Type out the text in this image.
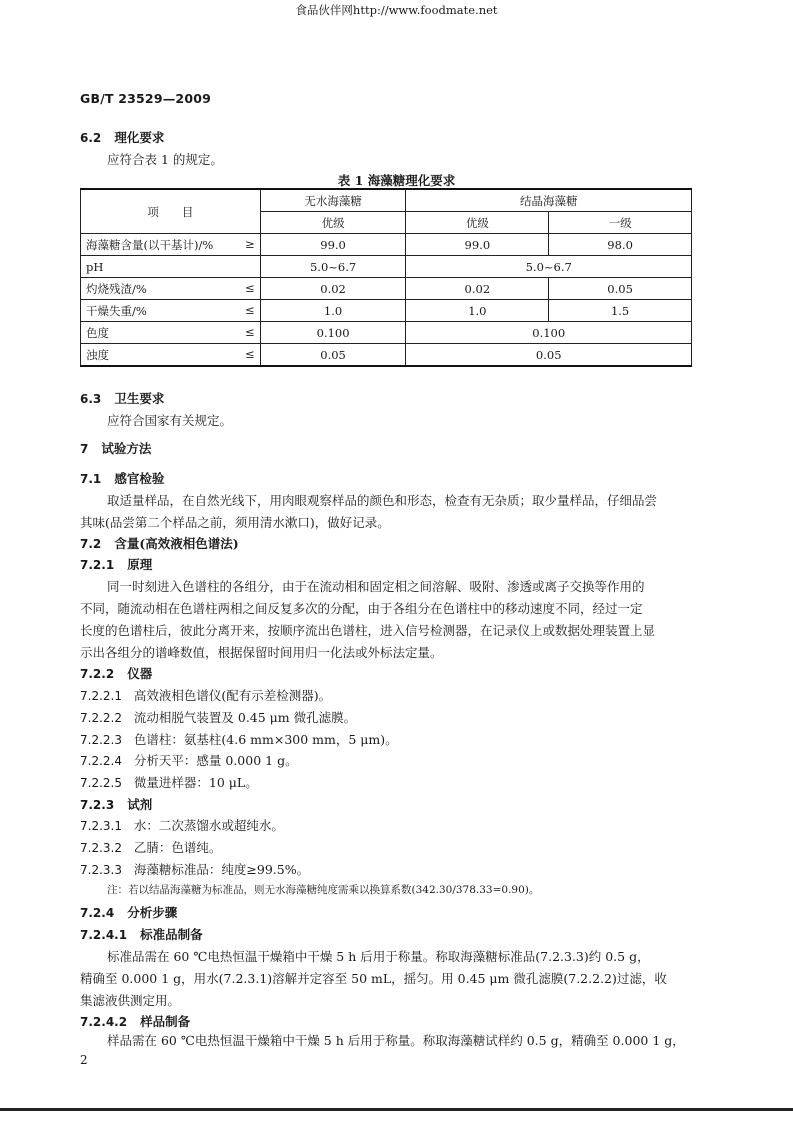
食品伙伴网http://www.foodmate.net
GB/T 23529—2009
6.2 理化要求
应符合表 1 的规定。
表 1 海藻糖理化要求
项　　目	无水海藻糖	结晶海藻糖	
	优级	优级	一级

海藻糖含量(以干基计)/% ≥	99.0	99.0	98.0

pH	5.0~6.7	5.0~6.7	

灼烧残渣/% ≤	0.02	0.02	0.05

干燥失重/% ≤	1.0	1.0	1.5

色度 ≤	0.100	0.100	

浊度 ≤	0.05	0.05	
6.3 卫生要求
应符合国家有关规定。
7 试验方法
7.1 感官检验
取适量样品，在自然光线下，用肉眼观察样品的颜色和形态，检查有无杂质；取少量样品，仔细品尝
其味(品尝第二个样品之前，须用清水漱口)，做好记录。
7.2 含量(高效液相色谱法)
7.2.1 原理
同一时刻进入色谱柱的各组分，由于在流动相和固定相之间溶解、吸附、渗透或离子交换等作用的
不同，随流动相在色谱柱两相之间反复多次的分配，由于各组分在色谱柱中的移动速度不同，经过一定
长度的色谱柱后，彼此分离开来，按顺序流出色谱柱，进入信号检测器，在记录仪上或数据处理装置上显
示出各组分的谱峰数值，根据保留时间用归一化法或外标法定量。
7.2.2 仪器
7.2.2.1 高效液相色谱仪(配有示差检测器)。
7.2.2.2 流动相脱气装置及 0.45 μm 微孔滤膜。
7.2.2.3 色谱柱：氨基柱(4.6 mm×300 mm，5 μm)。
7.2.2.4 分析天平：感量 0.000 1 g。
7.2.2.5 微量进样器：10 μL。
7.2.3 试剂
7.2.3.1 水：二次蒸馏水或超纯水。
7.2.3.2 乙腈：色谱纯。
7.2.3.3 海藻糖标准品：纯度≥99.5%。
注：若以结晶海藻糖为标准品，则无水海藻糖纯度需乘以换算系数(342.30/378.33=0.90)。
7.2.4 分析步骤
7.2.4.1 标准品制备
标准品需在 60 ℃电热恒温干燥箱中干燥 5 h 后用于称量。称取海藻糖标准品(7.2.3.3)约 0.5 g，
精确至 0.000 1 g，用水(7.2.3.1)溶解并定容至 50 mL，摇匀。用 0.45 μm 微孔滤膜(7.2.2.2)过滤，收
集滤液供测定用。
7.2.4.2 样品制备
样品需在 60 ℃电热恒温干燥箱中干燥 5 h 后用于称量。称取海藻糖试样约 0.5 g，精确至 0.000 1 g，
2
